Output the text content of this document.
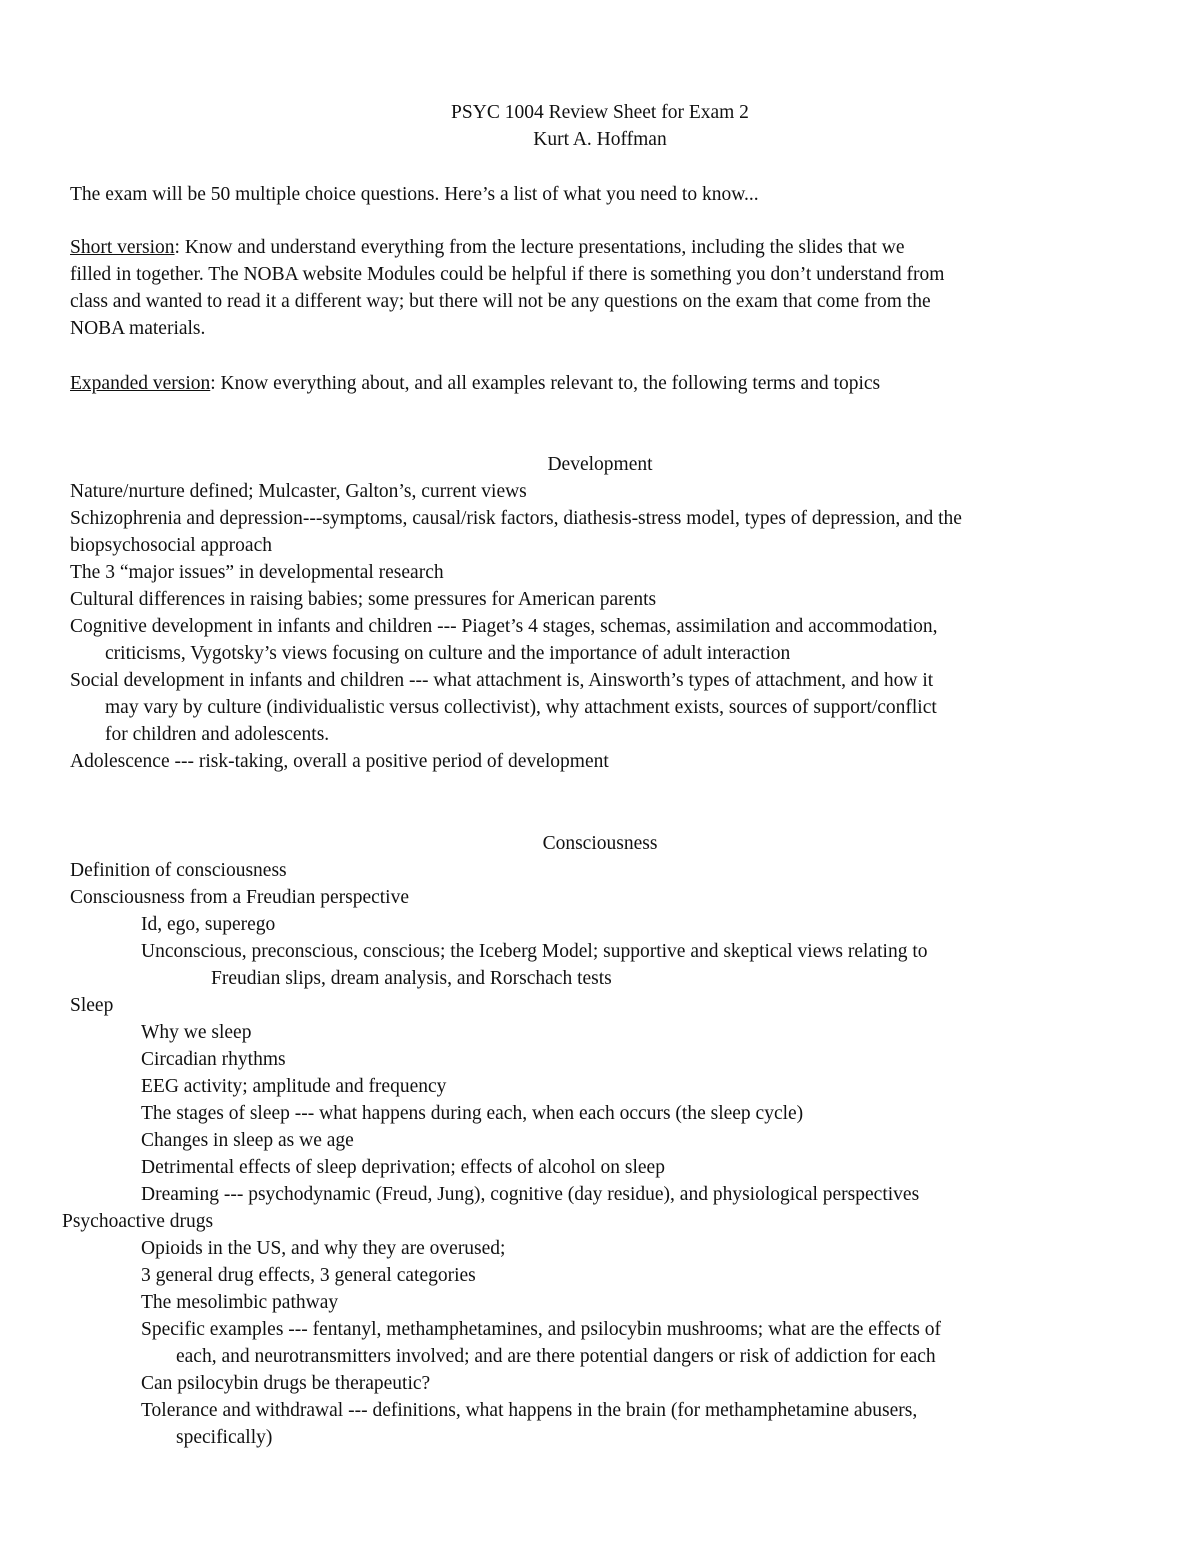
PSYC 1004 Review Sheet for Exam 2
Kurt A. Hoffman
The exam will be 50 multiple choice questions. Here’s a list of what you need to know...
Short version: Know and understand everything from the lecture presentations, including the slides that we
filled in together. The NOBA website Modules could be helpful if there is something you don’t understand from
class and wanted to read it a different way; but there will not be any questions on the exam that come from the
NOBA materials.
Expanded version: Know everything about, and all examples relevant to, the following terms and topics
Development
Nature/nurture defined; Mulcaster, Galton’s, current views
Schizophrenia and depression---symptoms, causal/risk factors, diathesis-stress model, types of depression, and the
biopsychosocial approach
The 3 “major issues” in developmental research
Cultural differences in raising babies; some pressures for American parents
Cognitive development in infants and children --- Piaget’s 4 stages, schemas, assimilation and accommodation,
criticisms, Vygotsky’s views focusing on culture and the importance of adult interaction
Social development in infants and children --- what attachment is, Ainsworth’s types of attachment, and how it
may vary by culture (individualistic versus collectivist), why attachment exists, sources of support/conflict
for children and adolescents.
Adolescence --- risk-taking, overall a positive period of development
Consciousness
Definition of consciousness
Consciousness from a Freudian perspective
Id, ego, superego
Unconscious, preconscious, conscious; the Iceberg Model; supportive and skeptical views relating to
Freudian slips, dream analysis, and Rorschach tests
Sleep
Why we sleep
Circadian rhythms
EEG activity; amplitude and frequency
The stages of sleep --- what happens during each, when each occurs (the sleep cycle)
Changes in sleep as we age
Detrimental effects of sleep deprivation; effects of alcohol on sleep
Dreaming --- psychodynamic (Freud, Jung), cognitive (day residue), and physiological perspectives
Psychoactive drugs
Opioids in the US, and why they are overused;
3 general drug effects, 3 general categories
The mesolimbic pathway
Specific examples --- fentanyl, methamphetamines, and psilocybin mushrooms; what are the effects of
each, and neurotransmitters involved; and are there potential dangers or risk of addiction for each
Can psilocybin drugs be therapeutic?
Tolerance and withdrawal --- definitions, what happens in the brain (for methamphetamine abusers,
specifically)
